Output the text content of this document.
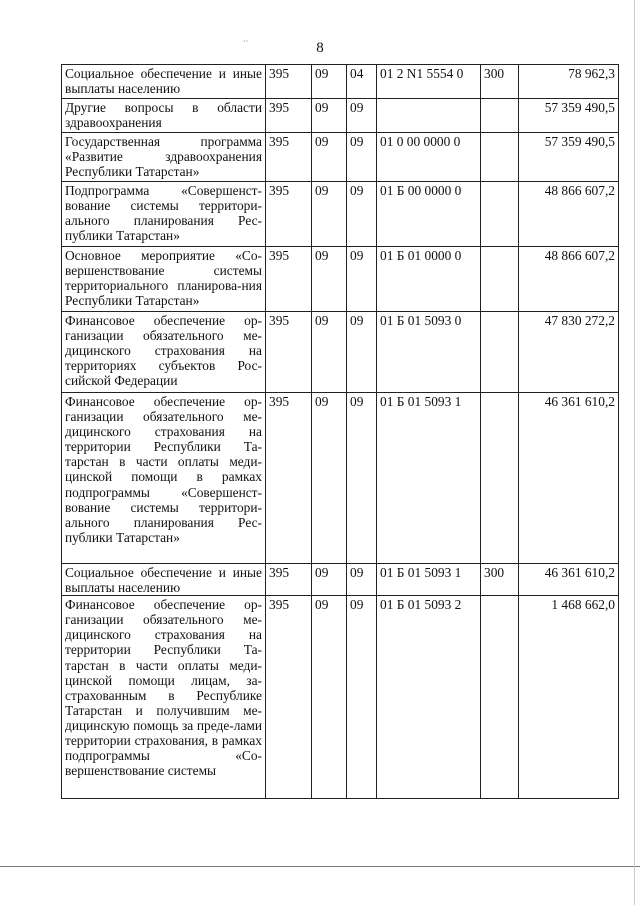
··	8
Социальное обеспечение и иные выплаты населению	395	09	04	01 2 N1 5554 0	300	78 962,3
Другие вопросы в области здравоохранения	395	09	09			57 359 490,5
Государственная программа «Развитие здравоохранения Республики Татарстан»	395	09	09	01 0 00 0000 0		57 359 490,5
Подпрограмма «Совершенст-вование системы территори-ального планирования Рес-публики Татарстан»	395	09	09	01 Б 00 0000 0		48 866 607,2
Основное мероприятие «Со-вершенствование системы территориального планирова-ния Республики Татарстан»	395	09	09	01 Б 01 0000 0		48 866 607,2
Финансовое обеспечение ор-ганизации обязательного ме-дицинского страхования на территориях субъектов Рос-сийской Федерации	395	09	09	01 Б 01 5093 0		47 830 272,2
Финансовое обеспечение ор-ганизации обязательного ме-дицинского страхования на территории Республики Та-тарстан в части оплаты меди-цинской помощи в рамках подпрограммы «Совершенст-вование системы территори-ального планирования Рес-публики Татарстан»	395	09	09	01 Б 01 5093 1		46 361 610,2
Социальное обеспечение и иные выплаты населению	395	09	09	01 Б 01 5093 1	300	46 361 610,2
Финансовое обеспечение ор-ганизации обязательного ме-дицинского страхования на территории Республики Та-тарстан в части оплаты меди-цинской помощи лицам, за-страхованным в Республике Татарстан и получившим ме-дицинскую помощь за преде-лами территории страхования, в рамках подпрограммы «Со-вершенствование системы	395	09	09	01 Б 01 5093 2		1 468 662,0
